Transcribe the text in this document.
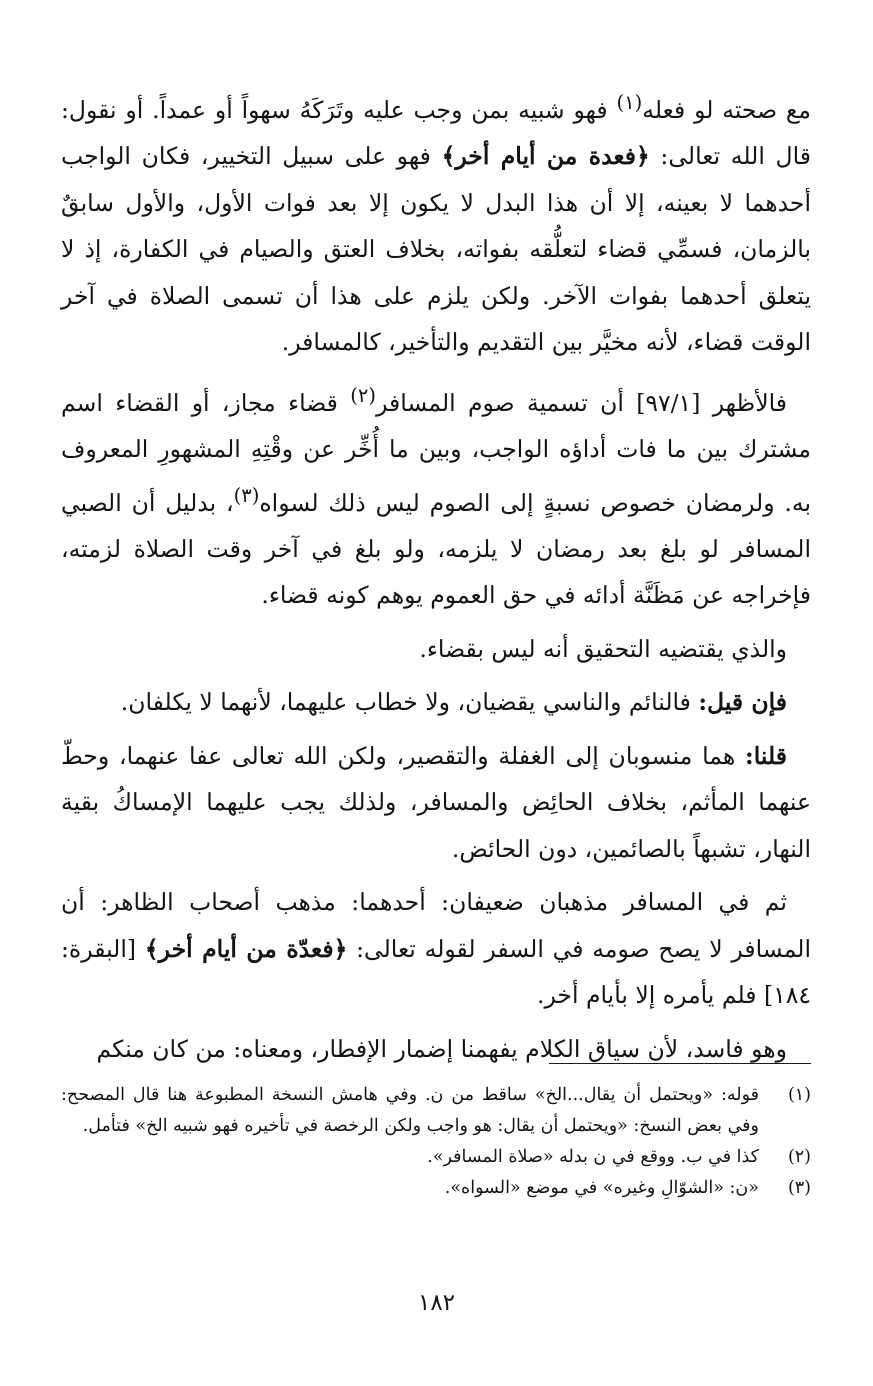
مع صحته لو فعله$^{(١)}$ فهو شبيه بمن وجب عليه وتَرَكَهُ سهواً أو عمداً. أو نقول: قال الله تعالى: ﴿فعدة من أيام أخر﴾ فهو على سبيل التخيير، فكان الواجب أحدهما لا بعينه، إلا أن هذا البدل لا يكون إلا بعد فوات الأول، والأول سابقٌ بالزمان، فسمِّي قضاء لتعلُّقه بفواته، بخلاف العتق والصيام في الكفارة، إذ لا يتعلق أحدهما بفوات الآخر. ولكن يلزم على هذا أن تسمى الصلاة في آخر الوقت قضاء، لأنه مخيَّر بين التقديم والتأخير، كالمسافر.

فالأظهر [٩٧/١] أن تسمية صوم المسافر$^{(٢)}$ قضاء مجاز، أو القضاء اسم مشترك بين ما فات أداؤه الواجب، وبين ما أُخِّر عن وقْتِهِ المشهورِ المعروف به. ولرمضان خصوص نسبةٍ إلى الصوم ليس ذلك لسواه$^{(٣)}$، بدليل أن الصبي المسافر لو بلغ بعد رمضان لا يلزمه، ولو بلغ في آخر وقت الصلاة لزمته، فإخراجه عن مَظَنَّة أدائه في حق العموم يوهم كونه قضاء.

والذي يقتضيه التحقيق أنه ليس بقضاء.

فإن قيل: فالنائم والناسي يقضيان، ولا خطاب عليهما، لأنهما لا يكلفان.

قلنا: هما منسوبان إلى الغفلة والتقصير، ولكن الله تعالى عفا عنهما، وحطّ عنهما المأثم، بخلاف الحائِض والمسافر، ولذلك يجب عليهما الإمساكُ بقية النهار، تشبهاً بالصائمين، دون الحائض.

ثم في المسافر مذهبان ضعيفان: أحدهما: مذهب أصحاب الظاهر: أن المسافر لا يصح صومه في السفر لقوله تعالى: ﴿فعدّة من أيام أخر﴾ [البقرة: ١٨٤] فلم يأمره إلا بأيام أخر.

وهو فاسد، لأن سياق الكلام يفهمنا إضمار الإفطار، ومعناه: من كان منكم

(١)
قوله: «ويحتمل أن يقال...الخ» ساقط من ن. وفي هامش النسخة المطبوعة هنا قال المصحح: وفي بعض النسخ: «ويحتمل أن يقال: هو واجب ولكن الرخصة في تأخيره فهو شبيه الخ» فتأمل.

(٢)
كذا في ب. ووقع في ن بدله «صلاة المسافر».

(٣)
«ن: «الشوّالِ وغيره» في موضع «السواه».

١٨٢
